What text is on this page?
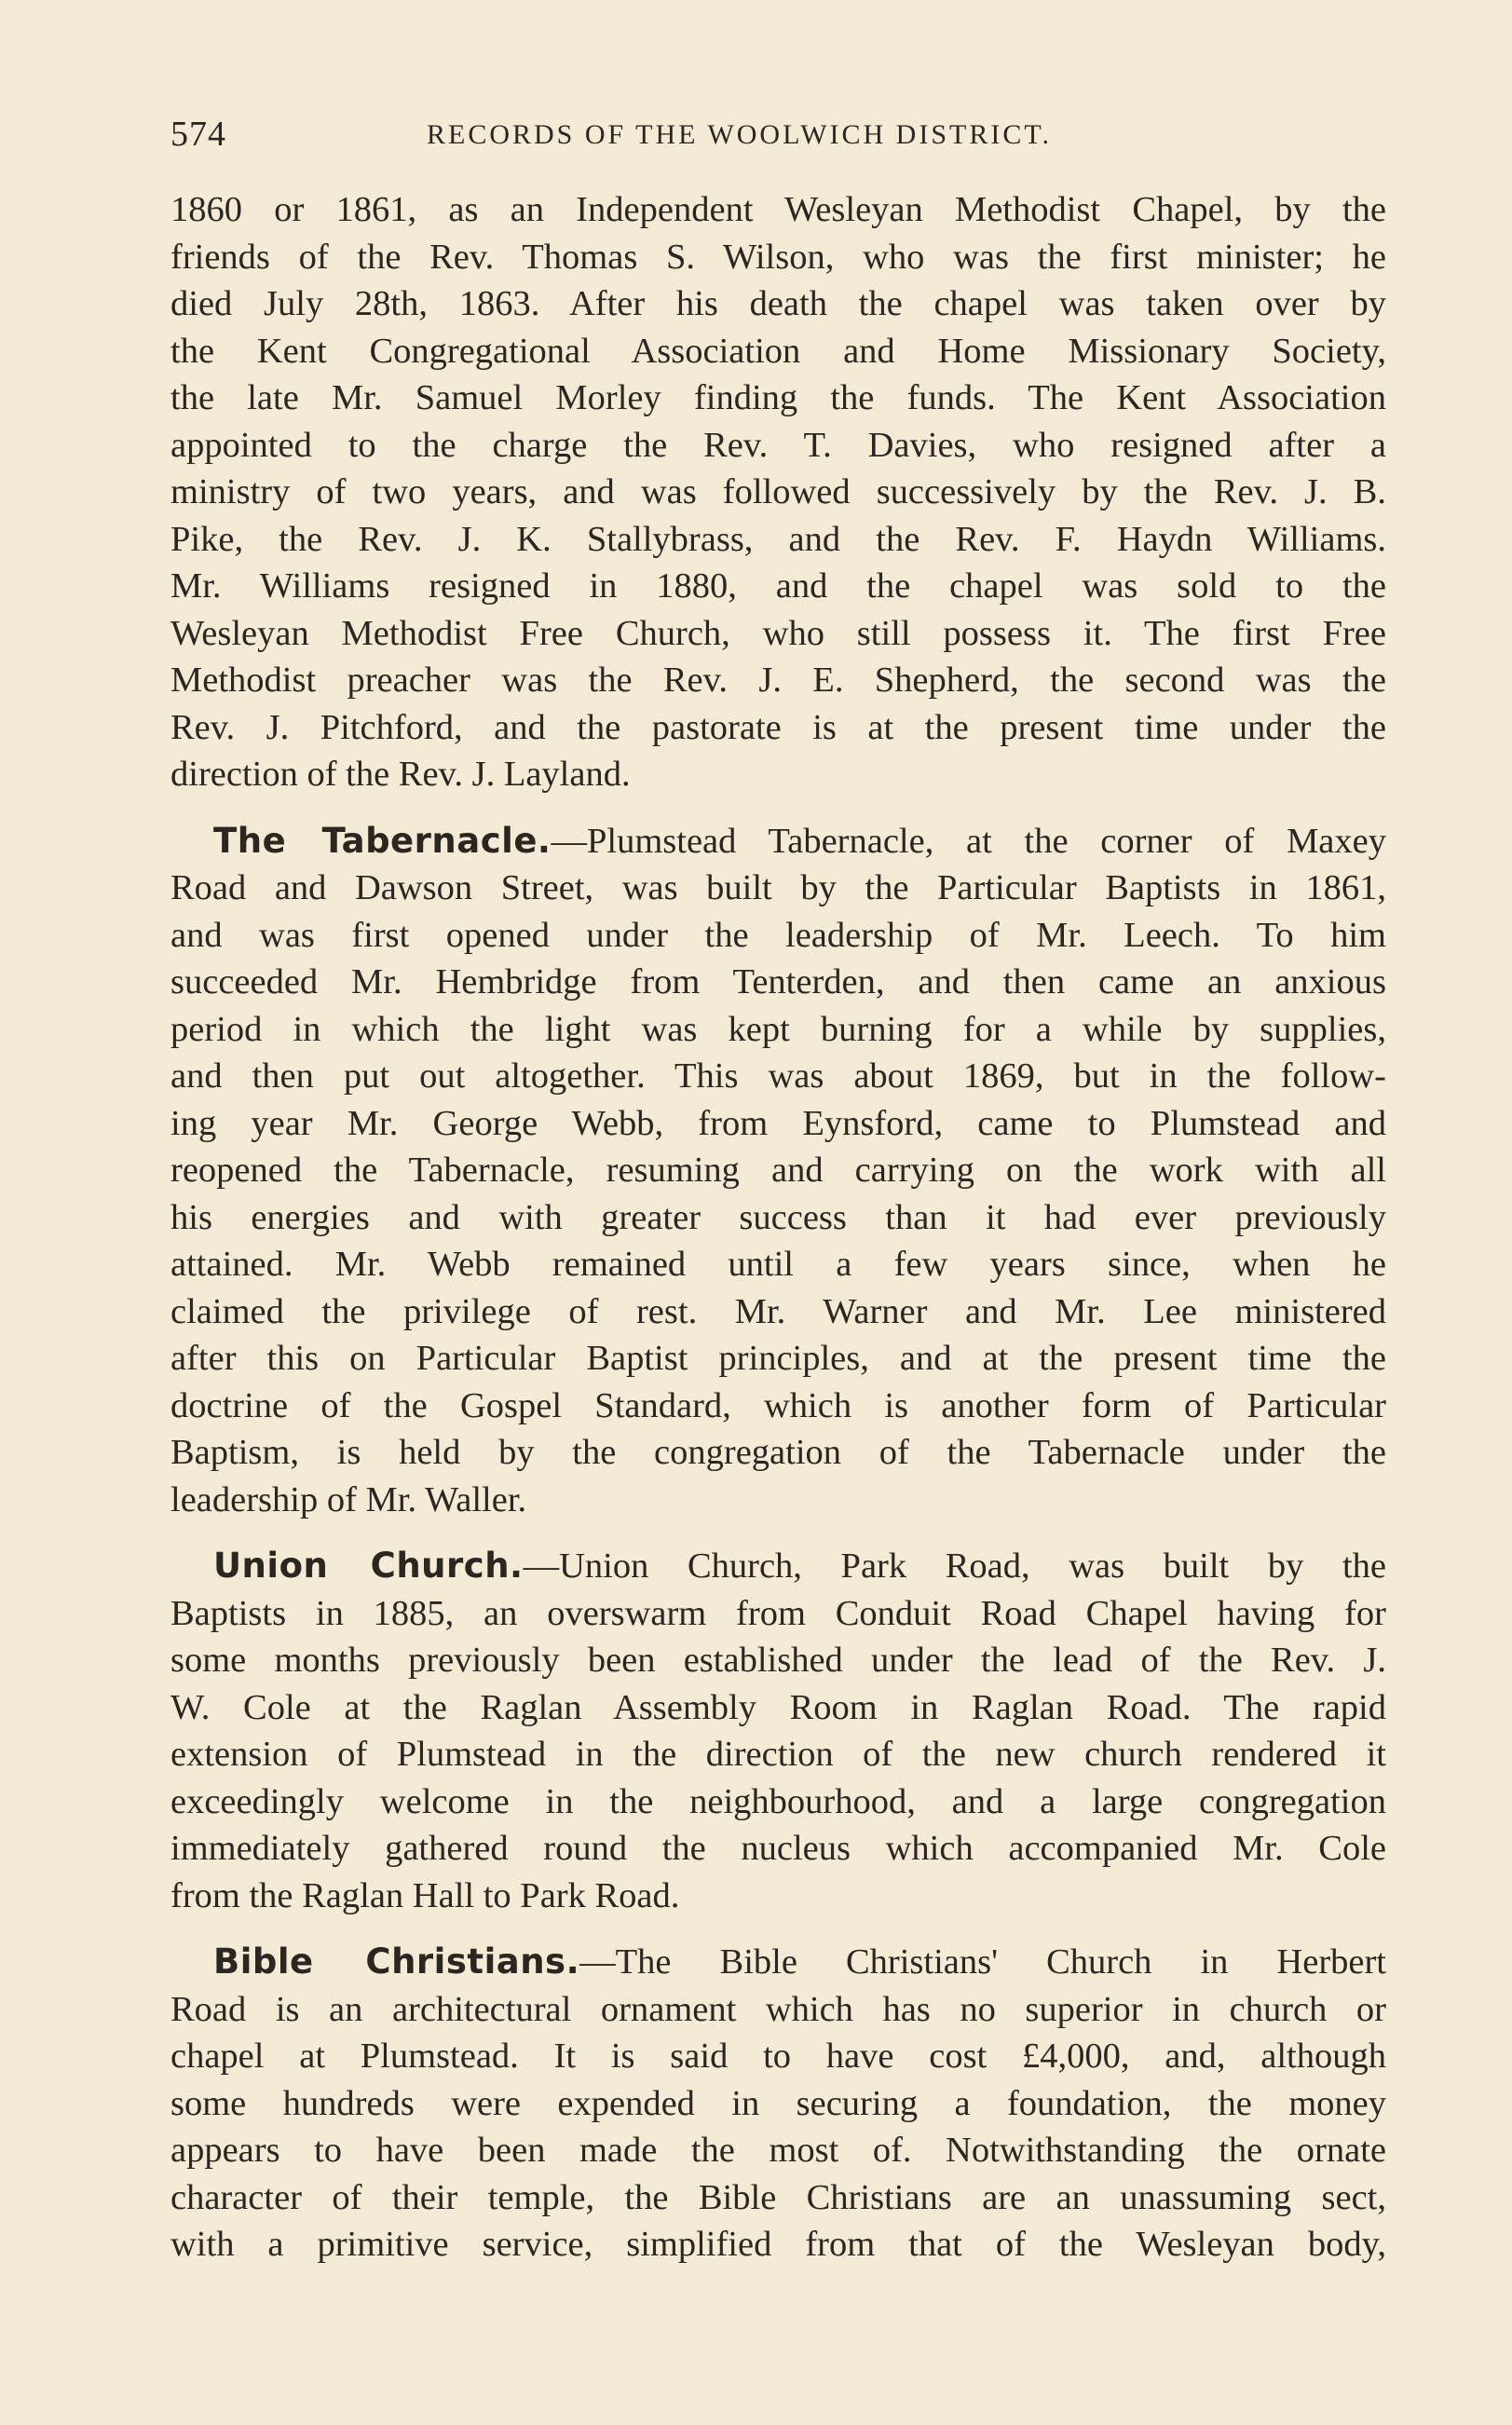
574	RECORDS OF THE WOOLWICH DISTRICT.
1860 or 1861, as an Independent Wesleyan Methodist Chapel, by the
friends of the Rev. Thomas S. Wilson, who was the first minister; he
died July 28th, 1863. After his death the chapel was taken over by
the Kent Congregational Association and Home Missionary Society,
the late Mr. Samuel Morley finding the funds. The Kent Association
appointed to the charge the Rev. T. Davies, who resigned after a
ministry of two years, and was followed successively by the Rev. J. B.
Pike, the Rev. J. K. Stallybrass, and the Rev. F. Haydn Williams.
Mr. Williams resigned in 1880, and the chapel was sold to the
Wesleyan Methodist Free Church, who still possess it. The first Free
Methodist preacher was the Rev. J. E. Shepherd, the second was the
Rev. J. Pitchford, and the pastorate is at the present time under the
direction of the Rev. J. Layland.
The Tabernacle.—Plumstead Tabernacle, at the corner of Maxey
Road and Dawson Street, was built by the Particular Baptists in 1861,
and was first opened under the leadership of Mr. Leech. To him
succeeded Mr. Hembridge from Tenterden, and then came an anxious
period in which the light was kept burning for a while by supplies,
and then put out altogether. This was about 1869, but in the follow-
ing year Mr. George Webb, from Eynsford, came to Plumstead and
reopened the Tabernacle, resuming and carrying on the work with all
his energies and with greater success than it had ever previously
attained. Mr. Webb remained until a few years since, when he
claimed the privilege of rest. Mr. Warner and Mr. Lee ministered
after this on Particular Baptist principles, and at the present time the
doctrine of the Gospel Standard, which is another form of Particular
Baptism, is held by the congregation of the Tabernacle under the
leadership of Mr. Waller.
Union Church.—Union Church, Park Road, was built by the
Baptists in 1885, an overswarm from Conduit Road Chapel having for
some months previously been established under the lead of the Rev. J.
W. Cole at the Raglan Assembly Room in Raglan Road. The rapid
extension of Plumstead in the direction of the new church rendered it
exceedingly welcome in the neighbourhood, and a large congregation
immediately gathered round the nucleus which accompanied Mr. Cole
from the Raglan Hall to Park Road.
Bible Christians.—The Bible Christians' Church in Herbert
Road is an architectural ornament which has no superior in church or
chapel at Plumstead. It is said to have cost £4,000, and, although
some hundreds were expended in securing a foundation, the money
appears to have been made the most of. Notwithstanding the ornate
character of their temple, the Bible Christians are an unassuming sect,
with a primitive service, simplified from that of the Wesleyan body,
